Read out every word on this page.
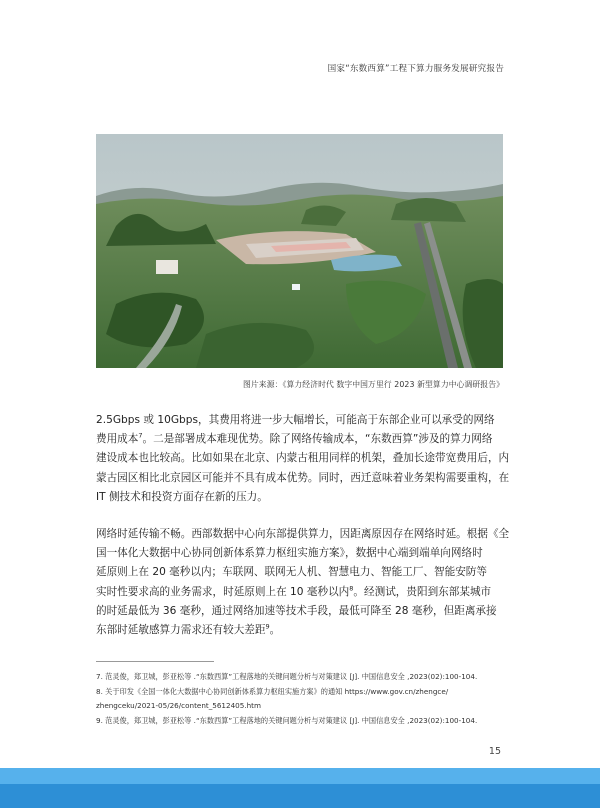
国家“东数西算”工程下算力服务发展研究报告
图片来源：《算力经济时代 数字中国万里行 2023 新型算力中心调研报告》
2.5Gbps 或 10Gbps，其费用将进一步大幅增长，可能高于东部企业可以承受的网络
费用成本$^7$。二是部署成本难现优势。除了网络传输成本，“东数西算”涉及的算力网络
建设成本也比较高。比如如果在北京、内蒙古租用同样的机架，叠加长途带宽费用后，内
蒙古园区相比北京园区可能并不具有成本优势。同时，西迁意味着业务架构需要重构，在
IT 侧技术和投资方面存在新的压力。
网络时延传输不畅。西部数据中心向东部提供算力，因距离原因存在网络时延。根据《全
国一体化大数据中心协同创新体系算力枢纽实施方案》，数据中心端到端单向网络时
延原则上在 20 毫秒以内；车联网、联网无人机、智慧电力、智能工厂、智能安防等
实时性要求高的业务需求，时延原则上在 10 毫秒以内$^8$。经测试，贵阳到东部某城市
的时延最低为 36 毫秒，通过网络加速等技术手段，最低可降至 28 毫秒，但距离承接
东部时延敏感算力需求还有较大差距$^9$。
7. 范灵俊，郑卫城，彭亚松等 .“东数西算”工程落地的关键问题分析与对策建议 [J]. 中国信息安全 ,2023(02):100-104.
8. 关于印发《全国一体化大数据中心协同创新体系算力枢纽实施方案》的通知 https://www.gov.cn/zhengce/
zhengceku/2021-05/26/content_5612405.htm
9. 范灵俊，郑卫城，彭亚松等 .“东数西算”工程落地的关键问题分析与对策建议 [J]. 中国信息安全 ,2023(02):100-104.
15
